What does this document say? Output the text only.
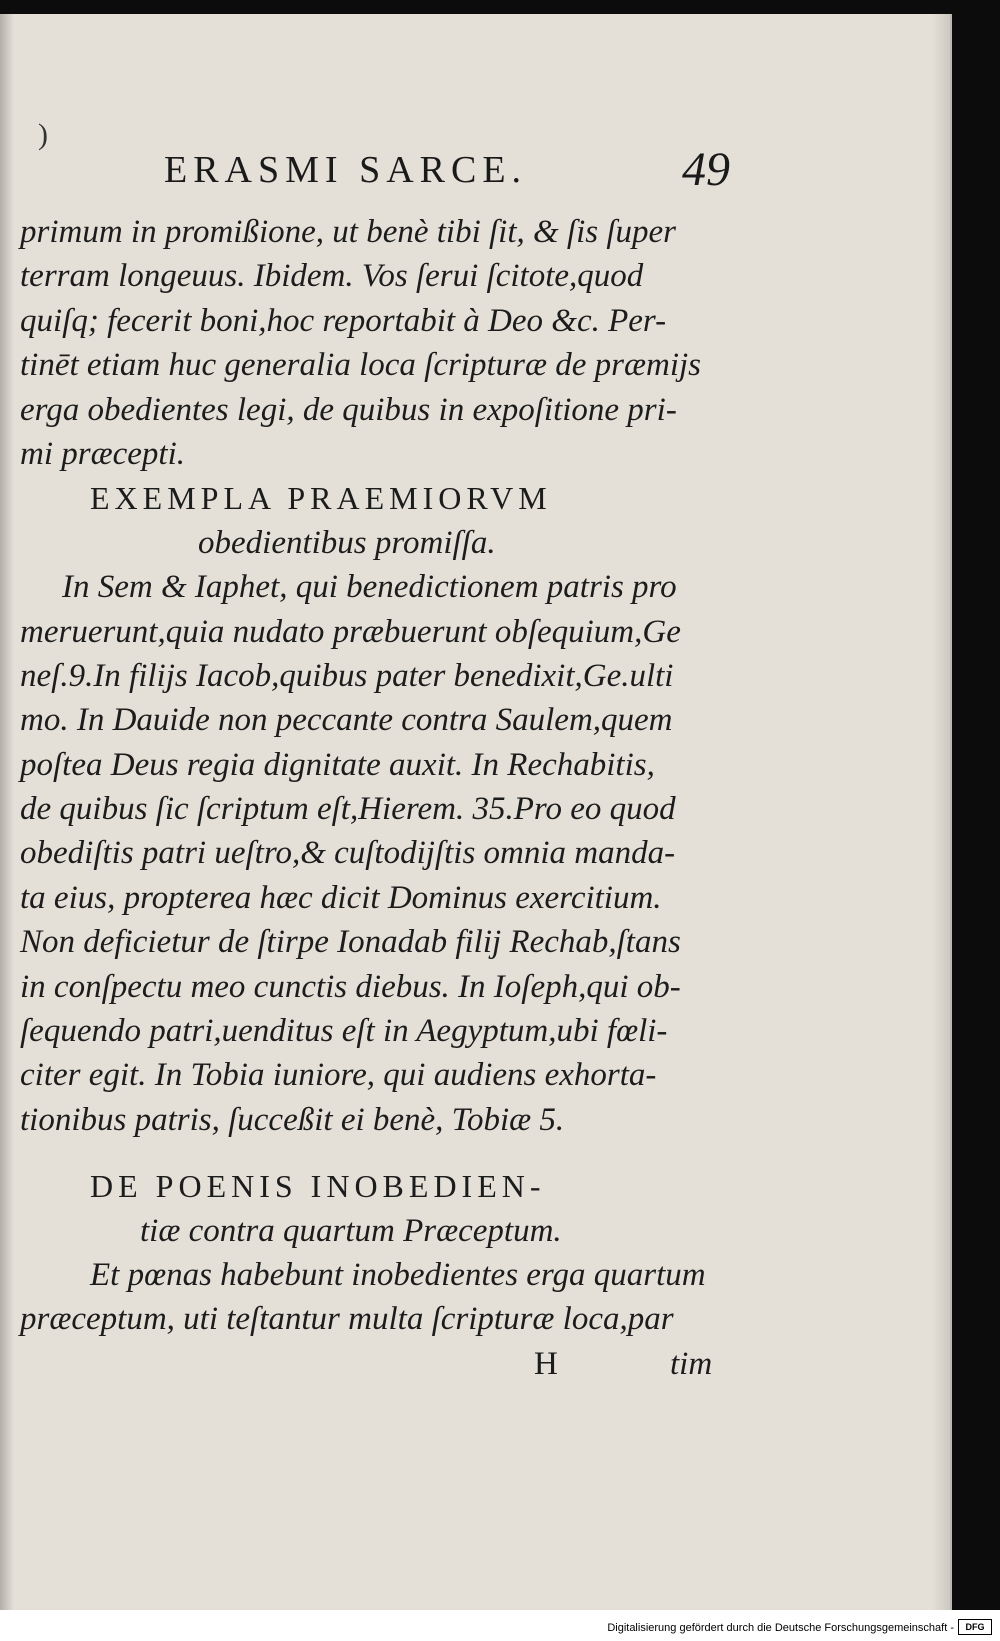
)
ERASMI SARCE.	49
primum in promißione, ut benè tibi ſit, & ſis ſuper
terram longeuus. Ibidem. Vos ſerui ſcitote,quod
quiſq; fecerit boni,hoc reportabit à Deo &c. Per-
tinēt etiam huc generalia loca ſcripturæ de præmijs
erga obedientes legi, de quibus in expoſitione pri-
mi præcepti.
EXEMPLA PRAEMIORVM
obedientibus promiſſa.
In Sem & Iaphet, qui benedictionem patris pro
meruerunt,quia nudato præbuerunt obſequium,Ge
neſ.9.In filijs Iacob,quibus pater benedixit,Ge.ulti
mo. In Dauide non peccante contra Saulem,quem
poſtea Deus regia dignitate auxit. In Rechabitis,
de quibus ſic ſcriptum eſt,Hierem. 35.Pro eo quod
obediſtis patri ueſtro,& cuſtodijſtis omnia manda-
ta eius, propterea hæc dicit Dominus exercitium.
Non deficietur de ſtirpe Ionadab filij Rechab,ſtans
in conſpectu meo cunctis diebus. In Ioſeph,qui ob-
ſequendo patri,uenditus eſt in Aegyptum,ubi fœli-
citer egit. In Tobia iuniore, qui audiens exhorta-
tionibus patris, ſucceßit ei benè, Tobiæ 5.
DE POENIS INOBEDIEN-
tiæ contra quartum Præceptum.
Et pœnas habebunt inobedientes erga quartum
præceptum, uti teſtantur multa ſcripturæ loca,par
H	tim
Digitalisierung gefördert durch die Deutsche Forschungsgemeinschaft -	DFG
